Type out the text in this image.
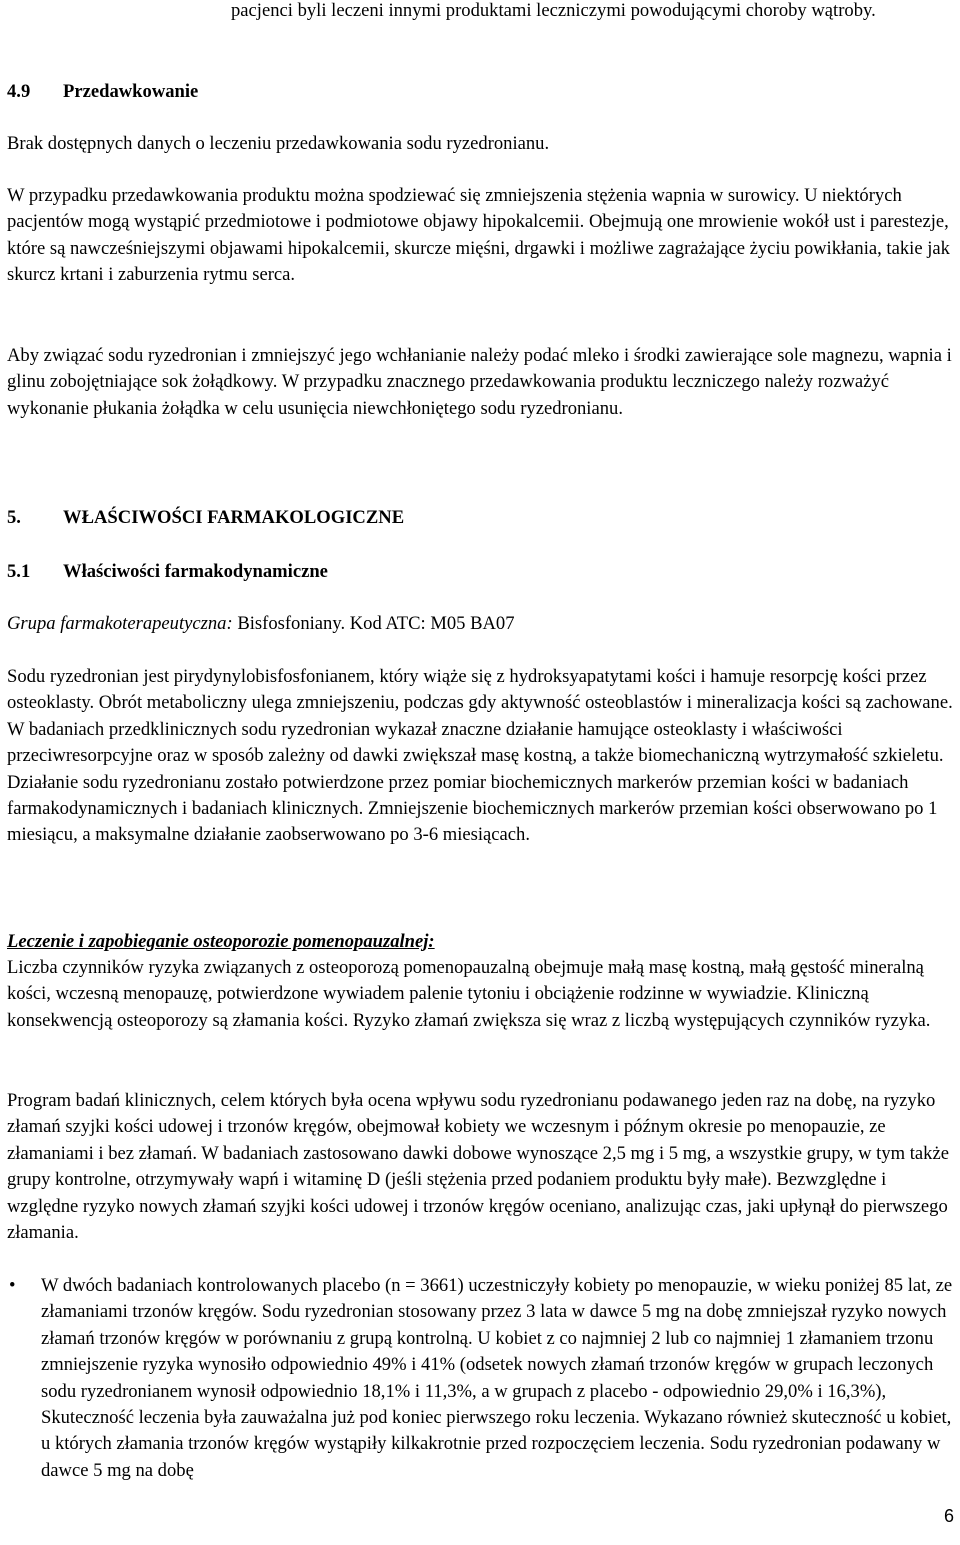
pacjenci byli leczeni innymi produktami leczniczymi powodującymi choroby wątroby.

4.9 Przedawkowanie

Brak dostępnych danych o leczeniu przedawkowania sodu ryzedronianu.

W przypadku przedawkowania produktu można spodziewać się zmniejszenia stężenia wapnia w surowicy. U niektórych pacjentów mogą wystąpić przedmiotowe i podmiotowe objawy hipokalcemii. Obejmują one mrowienie wokół ust i parestezje, które są nawcześniejszymi objawami hipokalcemii, skurcze mięśni, drgawki i możliwe zagrażające życiu powikłania, takie jak skurcz krtani i zaburzenia rytmu serca.

Aby związać sodu ryzedronian i zmniejszyć jego wchłanianie należy podać mleko i środki zawierające sole magnezu, wapnia i glinu zobojętniające sok żołądkowy. W przypadku znacznego przedawkowania produktu leczniczego należy rozważyć wykonanie płukania żołądka w celu usunięcia niewchłoniętego sodu ryzedronianu.

5. WŁAŚCIWOŚCI FARMAKOLOGICZNE
5.1 Właściwości farmakodynamiczne

Grupa farmakoterapeutyczna: Bisfosfoniany. Kod ATC: M05 BA07

Sodu ryzedronian jest pirydynylobisfosfonianem, który wiąże się z hydroksyapatytami kości i hamuje resorpcję kości przez osteoklasty. Obrót metaboliczny ulega zmniejszeniu, podczas gdy aktywność osteoblastów i mineralizacja kości są zachowane. W badaniach przedklinicznych sodu ryzedronian wykazał znaczne działanie hamujące osteoklasty i właściwości przeciwresorpcyjne oraz w sposób zależny od dawki zwiększał masę kostną, a także biomechaniczną wytrzymałość szkieletu. Działanie sodu ryzedronianu zostało potwierdzone przez pomiar biochemicznych markerów przemian kości w badaniach farmakodynamicznych i badaniach klinicznych. Zmniejszenie biochemicznych markerów przemian kości obserwowano po 1 miesiącu, a maksymalne działanie zaobserwowano po 3-6 miesiącach.

Leczenie i zapobieganie osteoporozie pomenopauzalnej:

Liczba czynników ryzyka związanych z osteoporozą pomenopauzalną obejmuje małą masę kostną, małą gęstość mineralną kości, wczesną menopauzę, potwierdzone wywiadem palenie tytoniu i obciążenie rodzinne w wywiadzie. Kliniczną konsekwencją osteoporozy są złamania kości. Ryzyko złamań zwiększa się wraz z liczbą występujących czynników ryzyka.

Program badań klinicznych, celem których była ocena wpływu sodu ryzedronianu podawanego jeden raz na dobę, na ryzyko złamań szyjki kości udowej i trzonów kręgów, obejmował kobiety we wczesnym i późnym okresie po menopauzie, ze złamaniami i bez złamań. W badaniach zastosowano dawki dobowe wynoszące 2,5 mg i 5 mg, a wszystkie grupy, w tym także grupy kontrolne, otrzymywały wapń i witaminę D (jeśli stężenia przed podaniem produktu były małe). Bezwzględne i względne ryzyko nowych złamań szyjki kości udowej i trzonów kręgów oceniano, analizując czas, jaki upłynął do pierwszego złamania.

• W dwóch badaniach kontrolowanych placebo (n = 3661) uczestniczyły kobiety po menopauzie, w wieku poniżej 85 lat, ze złamaniami trzonów kręgów. Sodu ryzedronian stosowany przez 3 lata w dawce 5 mg na dobę zmniejszał ryzyko nowych złamań trzonów kręgów w porównaniu z grupą kontrolną. U kobiet z co najmniej 2 lub co najmniej 1 złamaniem trzonu zmniejszenie ryzyka wynosiło odpowiednio 49% i 41% (odsetek nowych złamań trzonów kręgów w grupach leczonych sodu ryzedronianem wynosił odpowiednio 18,1% i 11,3%, a w grupach z placebo - odpowiednio 29,0% i 16,3%), Skuteczność leczenia była zauważalna już pod koniec pierwszego roku leczenia. Wykazano również skuteczność u kobiet, u których złamania trzonów kręgów wystąpiły kilkakrotnie przed rozpoczęciem leczenia. Sodu ryzedronian podawany w dawce 5 mg na dobę

6
